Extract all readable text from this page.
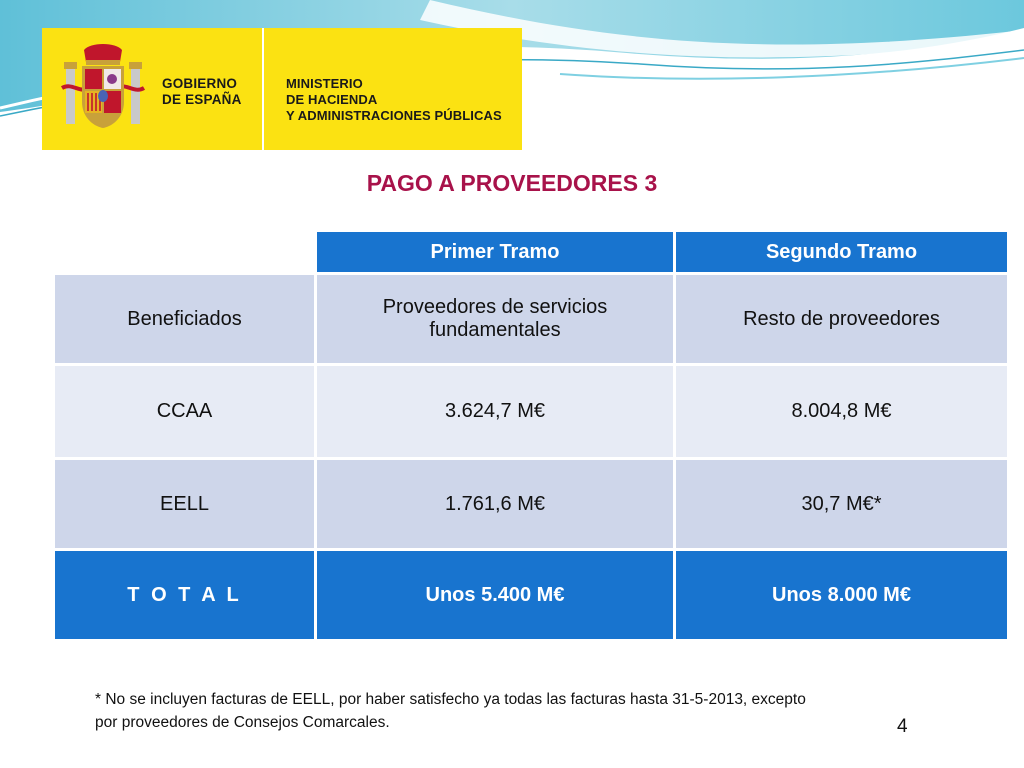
GOBIERNO
DE ESPAÑA
MINISTERIO
DE HACIENDA
Y ADMINISTRACIONES PÚBLICAS
PAGO A PROVEEDORES 3
	Primer Tramo	Segundo Tramo
Beneficiados	Proveedores de servicios fundamentales	Resto de proveedores
CCAA	3.624,7 M€	8.004,8 M€
EELL	1.761,6 M€	30,7 M€*
T O T A L	Unos 5.400 M€	Unos 8.000 M€
* No se incluyen facturas de EELL, por haber satisfecho ya todas las facturas hasta 31-5-2013, excepto
por proveedores de Consejos Comarcales.	4
